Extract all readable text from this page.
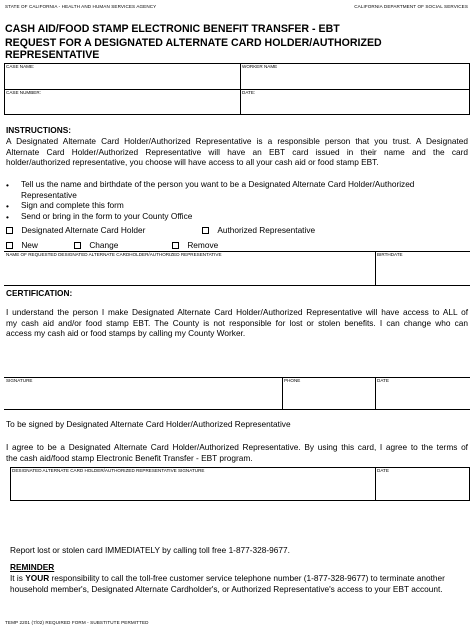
STATE OF CALIFORNIA - HEALTH AND HUMAN SERVICES AGENCY	CALIFORNIA DEPARTMENT OF SOCIAL SERVICES
CASH AID/FOOD STAMP ELECTRONIC BENEFIT TRANSFER - EBT
REQUEST FOR A DESIGNATED ALTERNATE CARD HOLDER/AUTHORIZED REPRESENTATIVE
CASE NAME:	WORKER NAME
CASE NUMBER:	DATE:
INSTRUCTIONS:
A Designated Alternate Card Holder/Authorized Representative is a responsible person that you trust. A Designated
Alternate Card Holder/Authorized Representative will have an EBT card issued in their name and the card
holder/authorized representative, you choose will have access to all your cash aid or food stamp EBT.
• Tell us the name and birthdate of the person you want to be a Designated Alternate Card Holder/Authorized
Representative
• Sign and complete this form
• Send or bring in the form to your County Office
Designated Alternate Card Holder	Authorized Representative
New	Change	Remove
NAME OF REQUESTED DESIGNATED ALTERNATE CARDHOLDER/AUTHORIZED REPRESENTATIVE	BIRTHDATE
CERTIFICATION:
I understand the person I make Designated Alternate Card Holder/Authorized Representative will have access to ALL of
my cash aid and/or food stamp EBT. The County is not responsible for lost or stolen benefits. I can change who can
access my cash aid or food stamps by calling my County Worker.
SIGNATURE	PHONE	DATE
To be signed by Designated Alternate Card Holder/Authorized Representative
I agree to be a Designated Alternate Card Holder/Authorized Representative. By using this card, I agree to the terms of
the cash aid/food stamp Electronic Benefit Transfer - EBT program.
DESIGNATED ALTERNATE CARD HOLDER/AUTHORIZED REPRESENTATIVE SIGNATURE	DATE
Report lost or stolen card IMMEDIATELY by calling toll free 1-877-328-9677.
REMINDER
It is YOUR responsibility to call the toll-free customer service telephone number (1-877-328-9677) to terminate another
household member's, Designated Alternate Cardholder's, or Authorized Representative's access to your EBT account.
TEMP 2201 (7/02) REQUIRED FORM - SUBSTITUTE PERMITTED
